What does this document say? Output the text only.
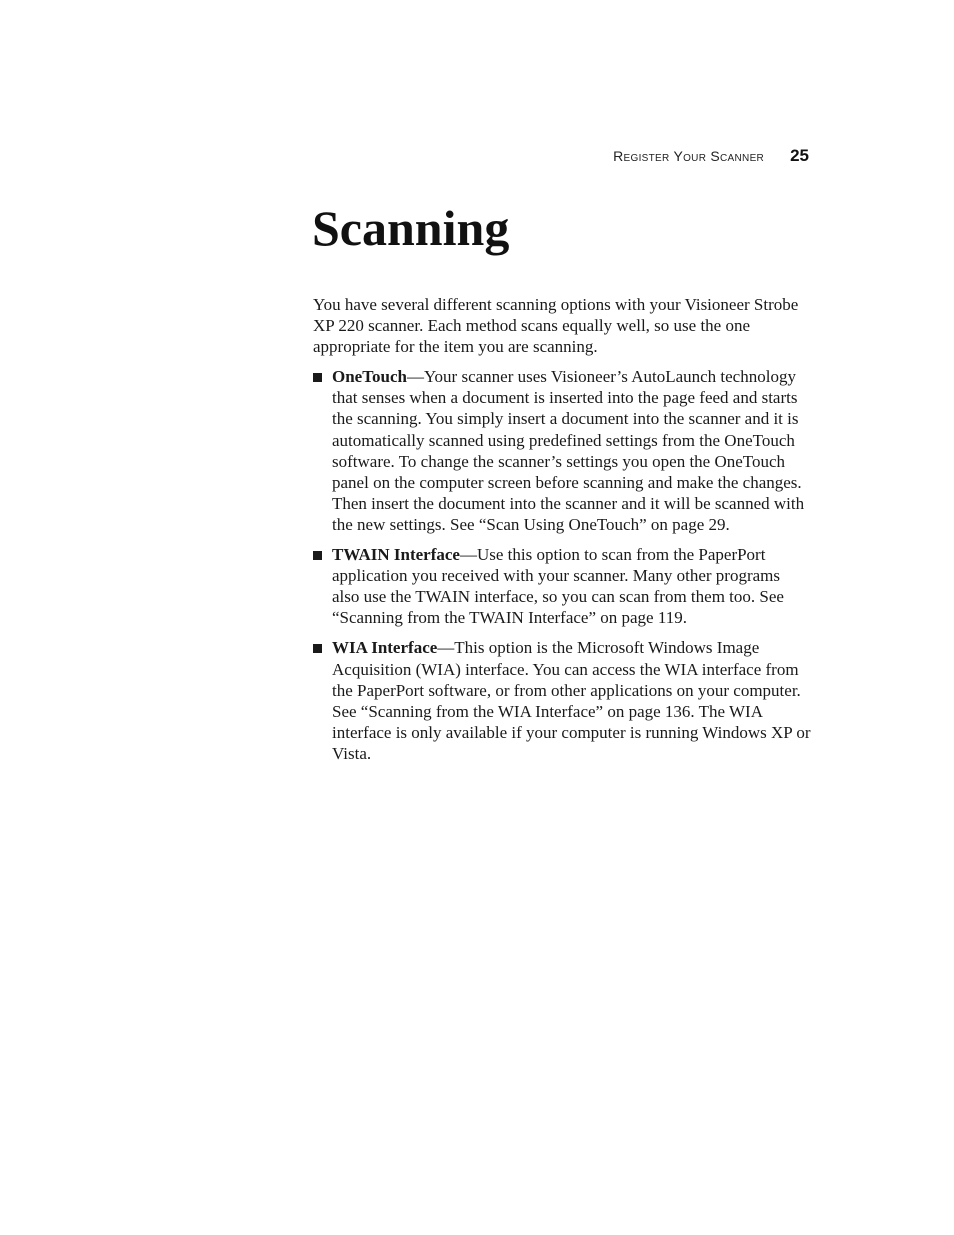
Register Your Scanner 25
Scanning

You have several different scanning options with your Visioneer Strobe XP 220 scanner. Each method scans equally well, so use the one appropriate for the item you are scanning.

OneTouch—Your scanner uses Visioneer’s AutoLaunch technology that senses when a document is inserted into the page feed and starts the scanning. You simply insert a document into the scanner and it is automatically scanned using predefined settings from the OneTouch software. To change the scanner’s settings you open the OneTouch panel on the computer screen before scanning and make the changes. Then insert the document into the scanner and it will be scanned with the new settings. See “Scan Using OneTouch” on page 29.
TWAIN Interface—Use this option to scan from the PaperPort application you received with your scanner. Many other programs also use the TWAIN interface, so you can scan from them too. See “Scanning from the TWAIN Interface” on page 119.
WIA Interface—This option is the Microsoft Windows Image Acquisition (WIA) interface. You can access the WIA interface from the PaperPort software, or from other applications on your computer. See “Scanning from the WIA Interface” on page 136. The WIA interface is only available if your computer is running Windows XP or Vista.
